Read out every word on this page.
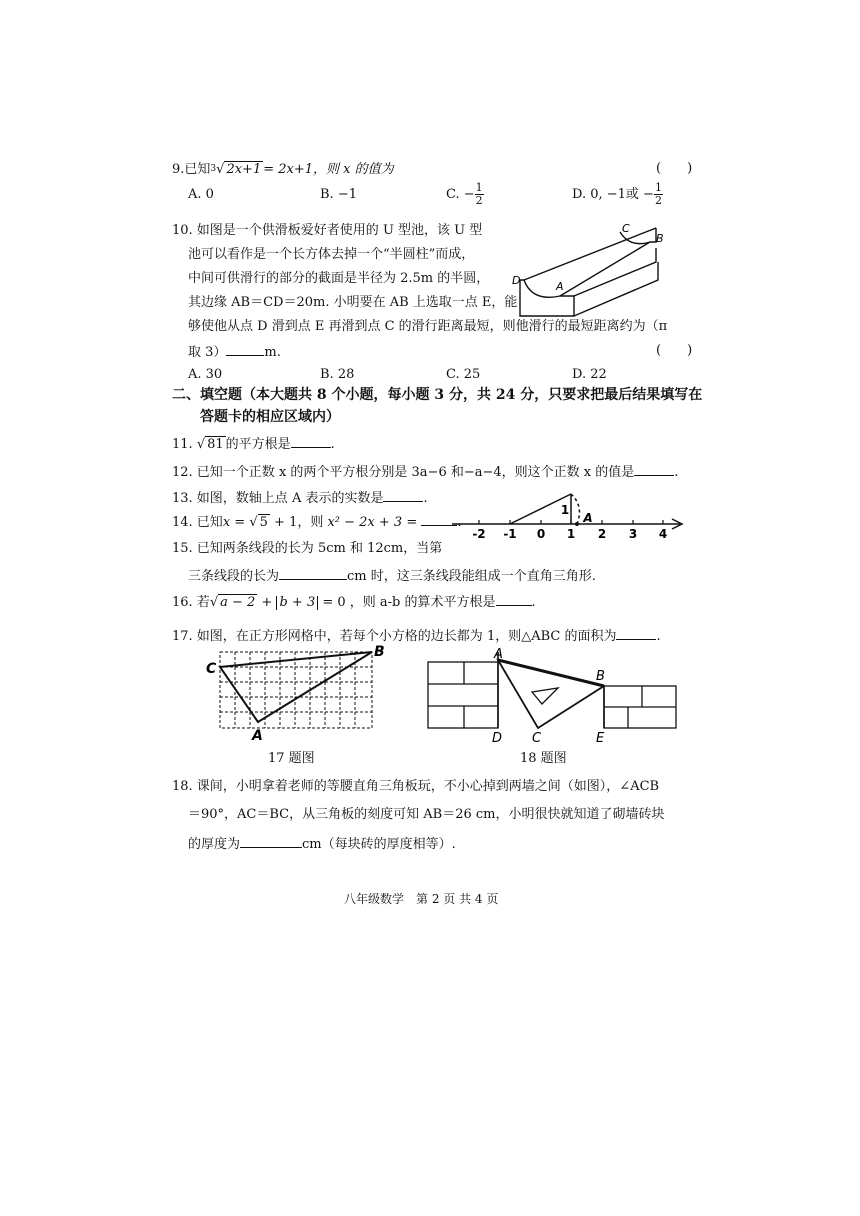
9.已知$^3$√ 2x+1 = 2x+1，则 x 的值为	(　　)
A. 0	B. −1	C. − $\frac{1}{2}$	D. 0, −1或 − $\frac{1}{2}$
10. 如图是一个供滑板爱好者使用的 U 型池，该 U 型
池可以看作是一个长方体去掉一个“半圆柱”而成，
中间可供滑行的部分的截面是半径为 2.5m 的半圆，
其边缘 AB＝CD＝20m. 小明要在 AB 上选取一点 E，能
够使他从点 D 滑到点 E 再滑到点 C 的滑行距离最短，则他滑行的最短距离约为（π
取 3）	m.	(　　)
A. 30	B. 28	C. 25	D. 22
D	A
C
B
二、填空题（本大题共 8 个小题，每小题 3 分，共 24 分，只要求把最后结果填写在
答题卡的相应区域内）
11. √ 81 的平方根是	.
12. 已知一个正数 x 的两个平方根分别是 3a−6 和−a−4，则这个正数 x 的值是	.
13. 如图，数轴上点 A 表示的实数是	.
14. 已知x = √ 5 + 1，则 x² − 2x + 3 =	.
-2 -1 0 1 2 3 4
1
A
15. 已知两条线段的长为 5cm 和 12cm，当第
三条线段的长为	cm 时，这三条线段能组成一个直角三角形.
16. 若√ a − 2 + b + 3 = 0 ，则 a-b 的算术平方根是	.
17. 如图，在正方形网格中，若每个小方格的边长都为 1，则△ABC 的面积为	.
C
B
A
17 题图
A
B
C
D	E
18 题图
18. 课间，小明拿着老师的等腰直角三角板玩，不小心掉到两墙之间（如图），∠ACB
＝90°，AC＝BC，从三角板的刻度可知 AB＝26 cm，小明很快就知道了砌墙砖块
的厚度为	cm（每块砖的厚度相等）.
八年级数学　第 2 页 共 4 页
